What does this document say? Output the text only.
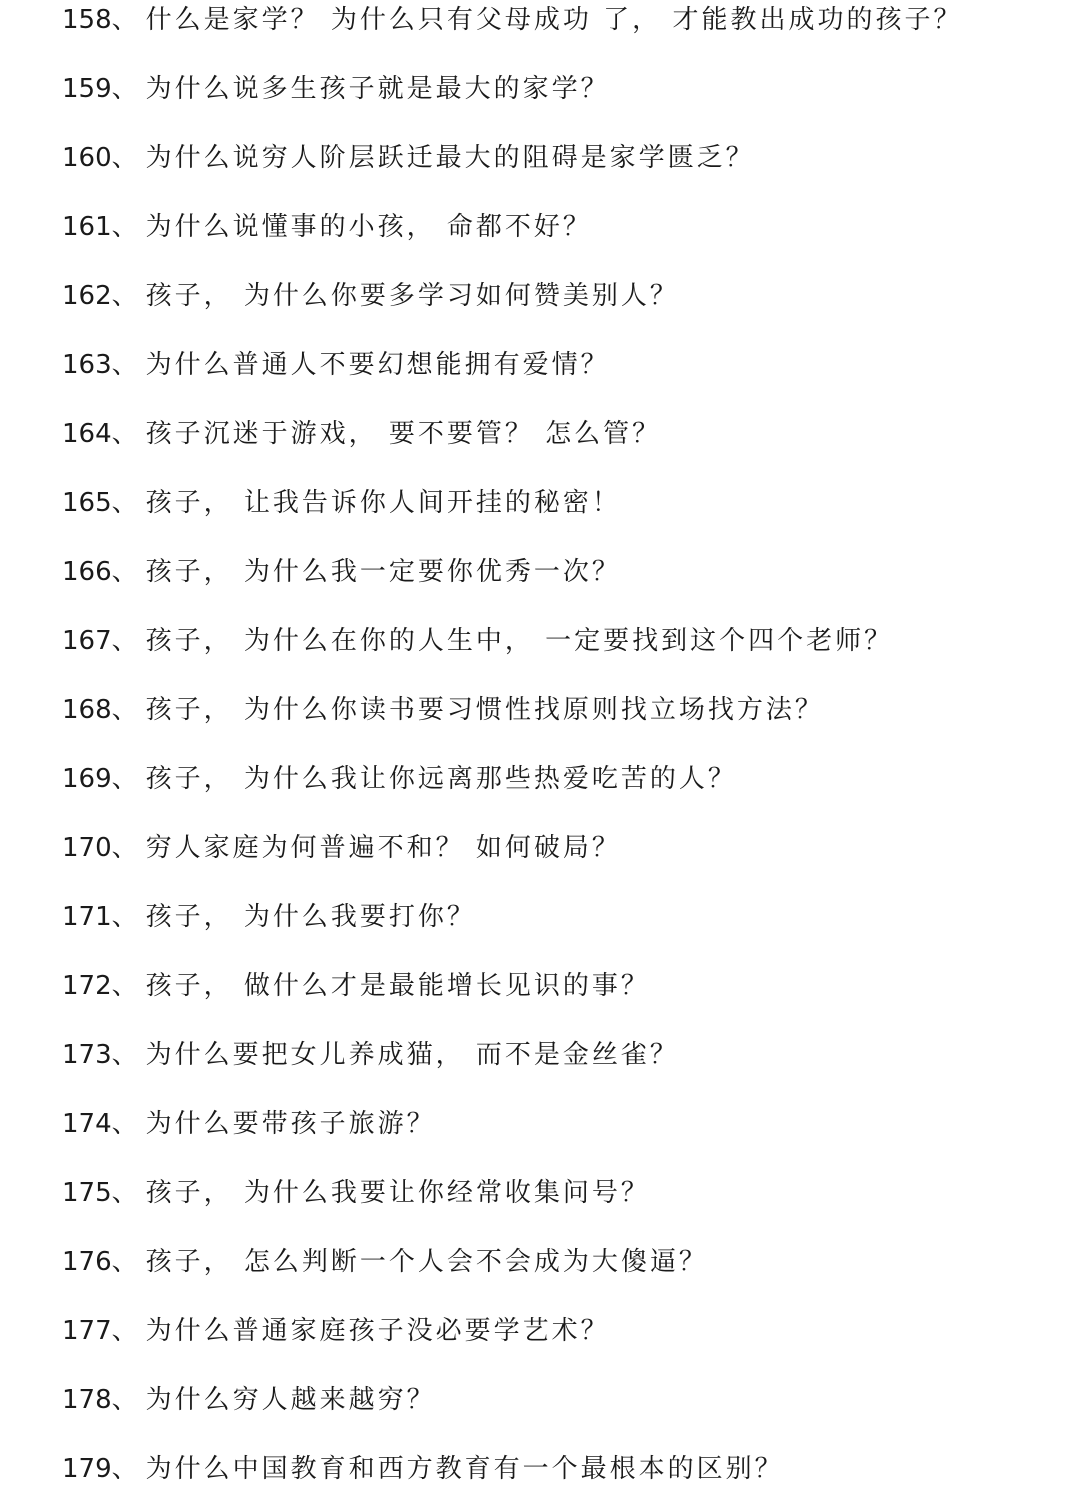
158、 什么是家学？ 为什么只有父母成功 了， 才能教出成功的孩子？
159、 为什么说多生孩子就是最大的家学？
160、 为什么说穷人阶层跃迁最大的阻碍是家学匮乏？
161、 为什么说懂事的小孩， 命都不好？
162、 孩子， 为什么你要多学习如何赞美别人？
163、 为什么普通人不要幻想能拥有爱情？
164、 孩子沉迷于游戏， 要不要管？ 怎么管？
165、 孩子， 让我告诉你人间开挂的秘密！
166、 孩子， 为什么我一定要你优秀一次？
167、 孩子， 为什么在你的人生中， 一定要找到这个四个老师？
168、 孩子， 为什么你读书要习惯性找原则找立场找方法？
169、 孩子， 为什么我让你远离那些热爱吃苦的人？
170、 穷人家庭为何普遍不和？ 如何破局？
171、 孩子， 为什么我要打你？
172、 孩子， 做什么才是最能增长见识的事？
173、 为什么要把女儿养成猫， 而不是金丝雀？
174、 为什么要带孩子旅游？
175、 孩子， 为什么我要让你经常收集问号？
176、 孩子， 怎么判断一个人会不会成为大傻逼？
177、 为什么普通家庭孩子没必要学艺术？
178、 为什么穷人越来越穷？
179、 为什么中国教育和西方教育有一个最根本的区别？
